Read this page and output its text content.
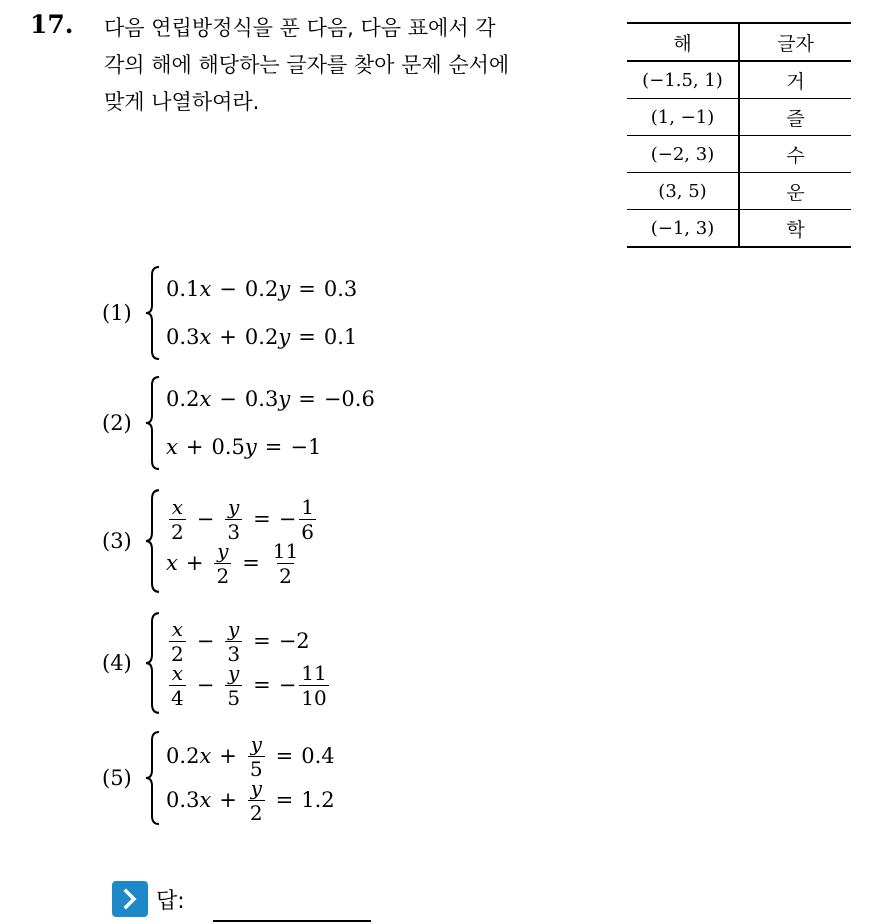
17. 다음 연립방정식을 푼 다음, 다음 표에서 각
각의 해에 해당하는 글자를 찾아 문제 순서에
맞게 나열하여라.
해	글자
(−1.5, 1)	거
(1, −1)	즐
(−2, 3)	수
(3, 5)	운
(−1, 3)	학
(1)
0.1x − 0.2y = 0.3
0.3x + 0.2y = 0.1
(2)
0.2x − 0.3y = −0.6
x + 0.5y = −1
(3)	$\frac{x}{2} - \frac{y}{3}$ = − $\frac{1}{6}$
$x + \frac{y}{2} = \frac{11}{2}$
(4)	$\frac{x}{2} - \frac{y}{3} = -2$
$\frac{x}{4} - \frac{y}{5}$ = − $\frac{11}{10}$
(5)
$0.2x + \frac{y}{5} = 0.4$
$0.3x + \frac{y}{2} = 1.2$
답:
